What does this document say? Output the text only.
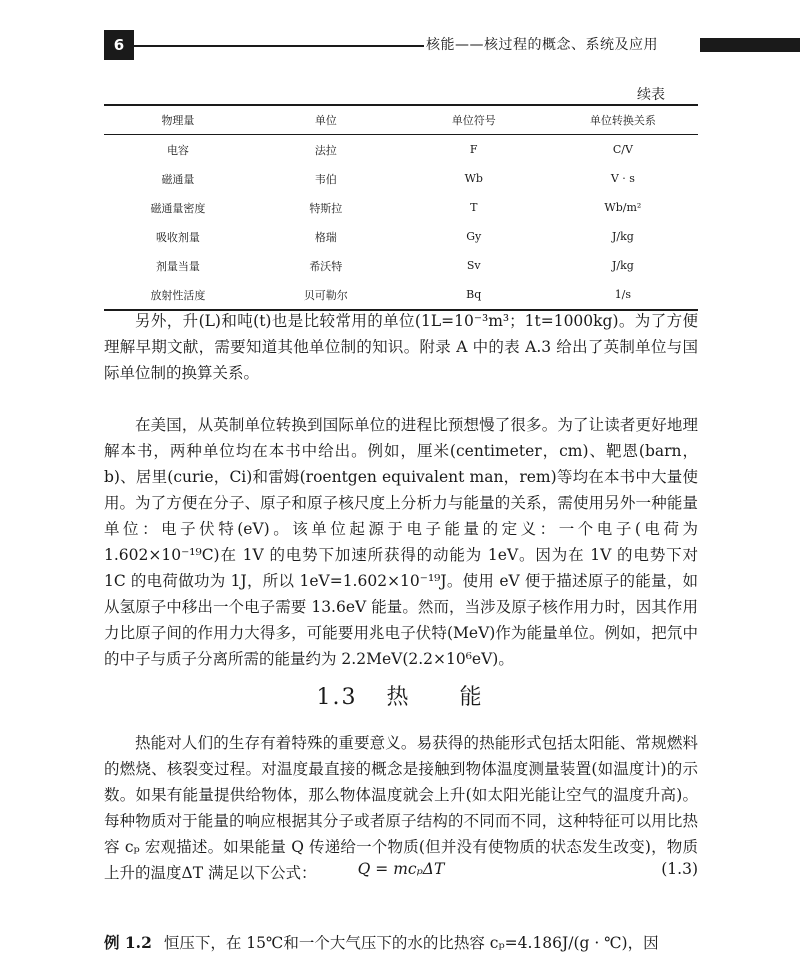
6	核能——核过程的概念、系统及应用
续表
物理量	单位	单位符号	单位转换关系
电容	法拉	F	C/V
磁通量	韦伯	Wb	V · s
磁通量密度	特斯拉	T	Wb/m²
吸收剂量	格瑞	Gy	J/kg
剂量当量	希沃特	Sv	J/kg
放射性活度	贝可勒尔	Bq	1/s

另外，升(L)和吨(t)也是比较常用的单位(1L=10⁻³m³；1t=1000kg)。为了方便理解早期文献，需要知道其他单位制的知识。附录 A 中的表 A.3 给出了英制单位与国际单位制的换算关系。

在美国，从英制单位转换到国际单位的进程比预想慢了很多。为了让读者更好地理解本书，两种单位均在本书中给出。例如，厘米(centimeter，cm)、靶恩(barn，b)、居里(curie，Ci)和雷姆(roentgen equivalent man，rem)等均在本书中大量使用。 为了方便在分子、原子和原子核尺度上分析力与能量的关系，需使用另外一种能量单位：电子伏特(eV)。该单位起源于电子能量的定义：一个电子(电荷为 1.602×10⁻¹⁹C)在 1V 的电势下加速所获得的动能为 1eV。因为在 1V 的电势下对 1C 的电荷做功为 1J，所以 1eV=1.602×10⁻¹⁹J。使用 eV 便于描述原子的能量，如从氢原子中移出一个电子需要 13.6eV 能量。然而，当涉及原子核作用力时，因其作用力比原子间的作用力大得多，可能要用兆电子伏特(MeV)作为能量单位。例如，把氘中的中子与质子分离所需的能量约为 2.2MeV(2.2×10⁶eV)。

1.3 热 能

热能对人们的生存有着特殊的重要意义。易获得的热能形式包括太阳能、常规燃料的燃烧、核裂变过程。对温度最直接的概念是接触到物体温度测量装置(如温度计)的示数。如果有能量提供给物体，那么物体温度就会上升(如太阳光能让空气的温度升高)。每种物质对于能量的响应根据其分子或者原子结构的不同而不同，这种特征可以用比热容 cₚ 宏观描述。如果能量 Q 传递给一个物质(但并没有使物质的状态发生改变)，物质上升的温度ΔT 满足以下公式：	Q = mcₚΔT	(1.3)
例 1.2 恒压下，在 15℃和一个大气压下的水的比热容 cₚ=4.186J/(g · ℃)，因
